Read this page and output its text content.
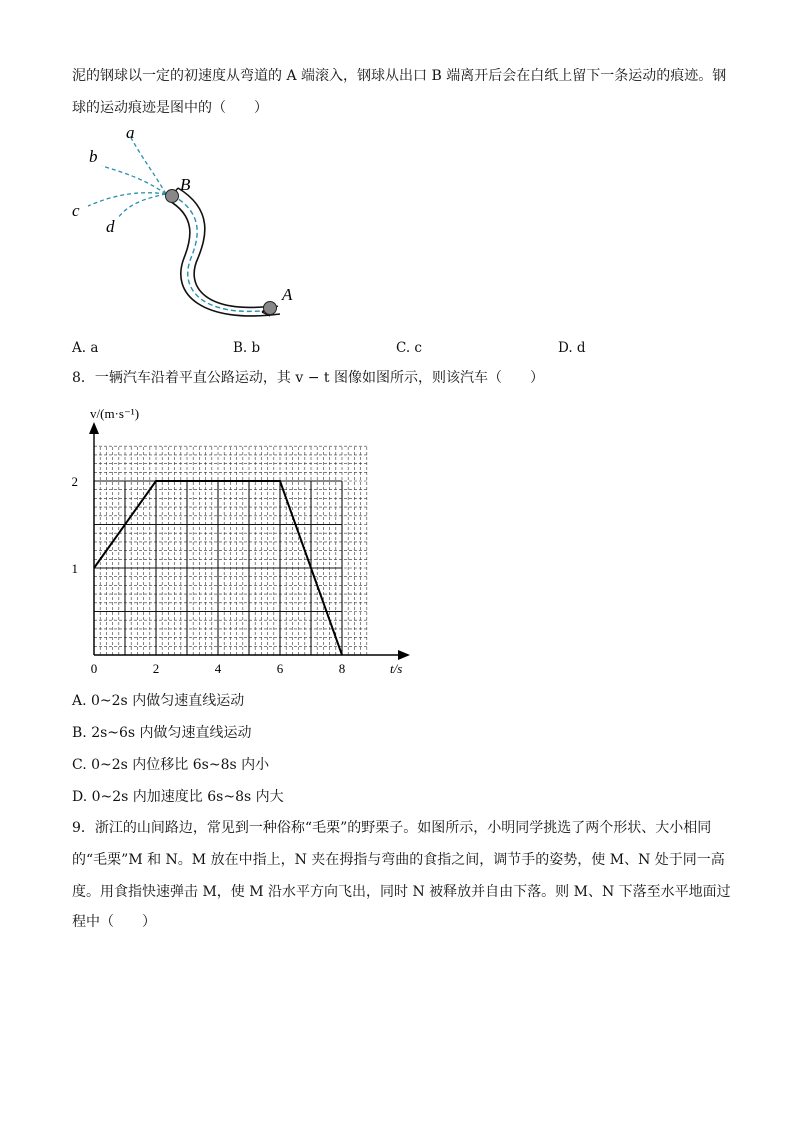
泥的钢球以一定的初速度从弯道的 A 端滚入，钢球从出口 B 端离开后会在白纸上留下一条运动的痕迹。钢
球的运动痕迹是图中的（　　）
a
b
c
d
B
A
A. a	B. b	C. c	D. d
8．一辆汽车沿着平直公路运动，其 v − t 图像如图所示，则该汽车（　　）
0	2	4	6	8
1
2
v/(m·s⁻¹)
t/s
A. 0~2s 内做匀速直线运动
B. 2s~6s 内做匀速直线运动
C. 0~2s 内位移比 6s~8s 内小
D. 0~2s 内加速度比 6s~8s 内大
9．浙江的山间路边，常见到一种俗称“毛栗”的野栗子。如图所示，小明同学挑选了两个形状、大小相同
的“毛栗”M 和 N。M 放在中指上，N 夹在拇指与弯曲的食指之间，调节手的姿势，使 M、N 处于同一高
度。用食指快速弹击 M，使 M 沿水平方向飞出，同时 N 被释放并自由下落。则 M、N 下落至水平地面过
程中（　　）
